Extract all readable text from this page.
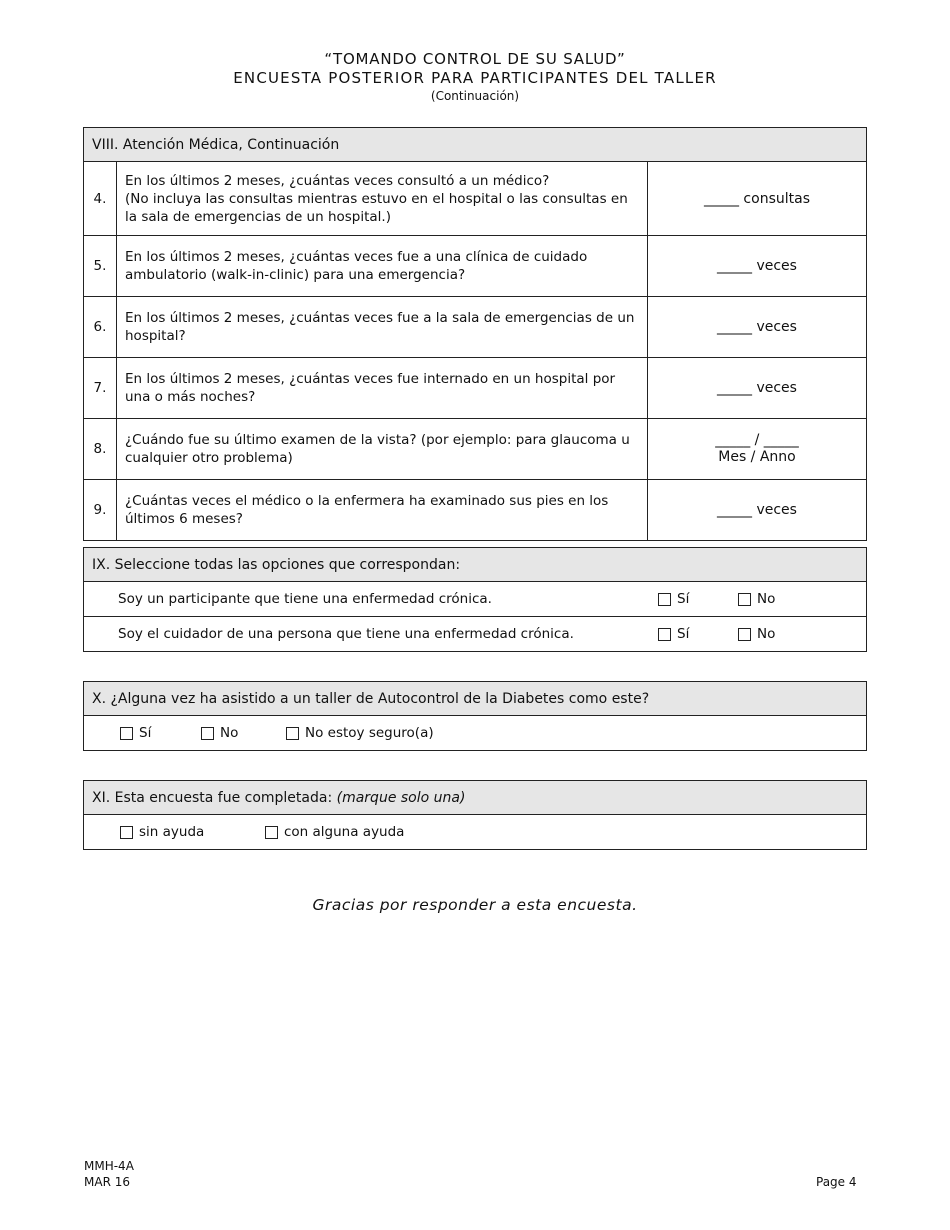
“TOMANDO CONTROL DE SU SALUD”
ENCUESTA POSTERIOR PARA PARTICIPANTES DEL TALLER
(Continuación)
VIII. Atención Médica, Continuación		
4.	En los últimos 2 meses, ¿cuántas veces consultó a un médico?
(No incluya las consultas mientras estuvo en el hospital o las consultas en la sala de emergencias de un hospital.)	_____ consultas
5.	En los últimos 2 meses, ¿cuántas veces fue a una clínica de cuidado ambulatorio (walk-in-clinic) para una emergencia?	_____ veces
6.	En los últimos 2 meses, ¿cuántas veces fue a la sala de emergencias de un hospital?	_____ veces
7.	En los últimos 2 meses, ¿cuántas veces fue internado en un hospital por una o más noches?	_____ veces
8.	¿Cuándo fue su último examen de la vista? (por ejemplo: para glaucoma u cualquier otro problema)	_____ / _____
Mes / Anno

9.	¿Cuántas veces el médico o la enfermera ha examinado sus pies en los últimos 6 meses?	_____ veces
IX. Seleccione todas las opciones que correspondan:

Soy un participante que tiene una enfermedad crónica.	Sí	No

Soy el cuidador de una persona que tiene una enfermedad crónica.	Sí	No
X. ¿Alguna vez ha asistido a un taller de Autocontrol de la Diabetes como este?

Sí	No	No estoy seguro(a)
XI. Esta encuesta fue completada: (marque solo una)

sin ayuda	con alguna ayuda
Gracias por responder a esta encuesta.
MMH-4A
MAR 16	Page 4
